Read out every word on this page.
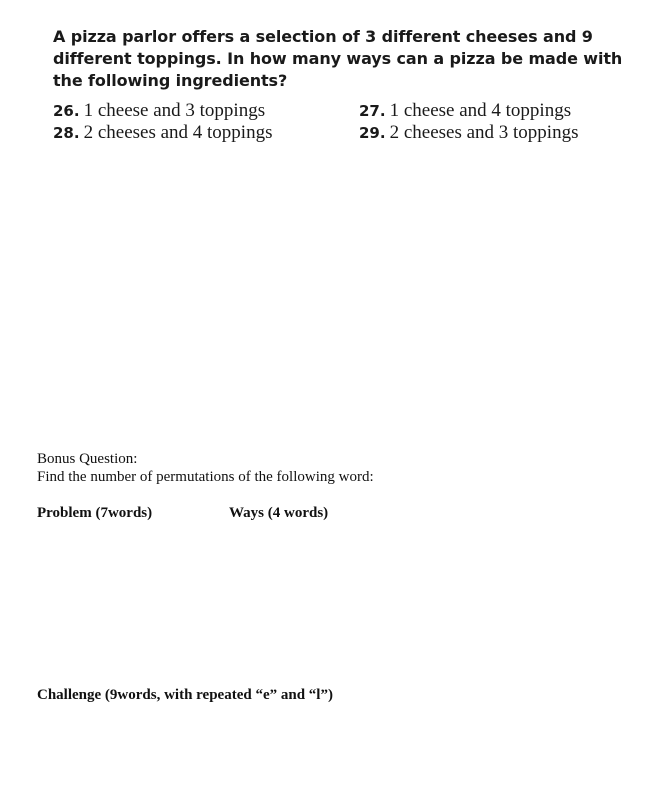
A pizza parlor offers a selection of 3 different cheeses and 9 different toppings. In how many ways can a pizza be made with the following ingredients?

26. 1 cheese and 3 toppings	27. 1 cheese and 4 toppings
28. 2 cheeses and 4 toppings	29. 2 cheeses and 3 toppings
Bonus Question:
Find the number of permutations of the following word:
Problem (7words)	Ways (4 words)
Challenge (9words, with repeated “e” and “l”)
